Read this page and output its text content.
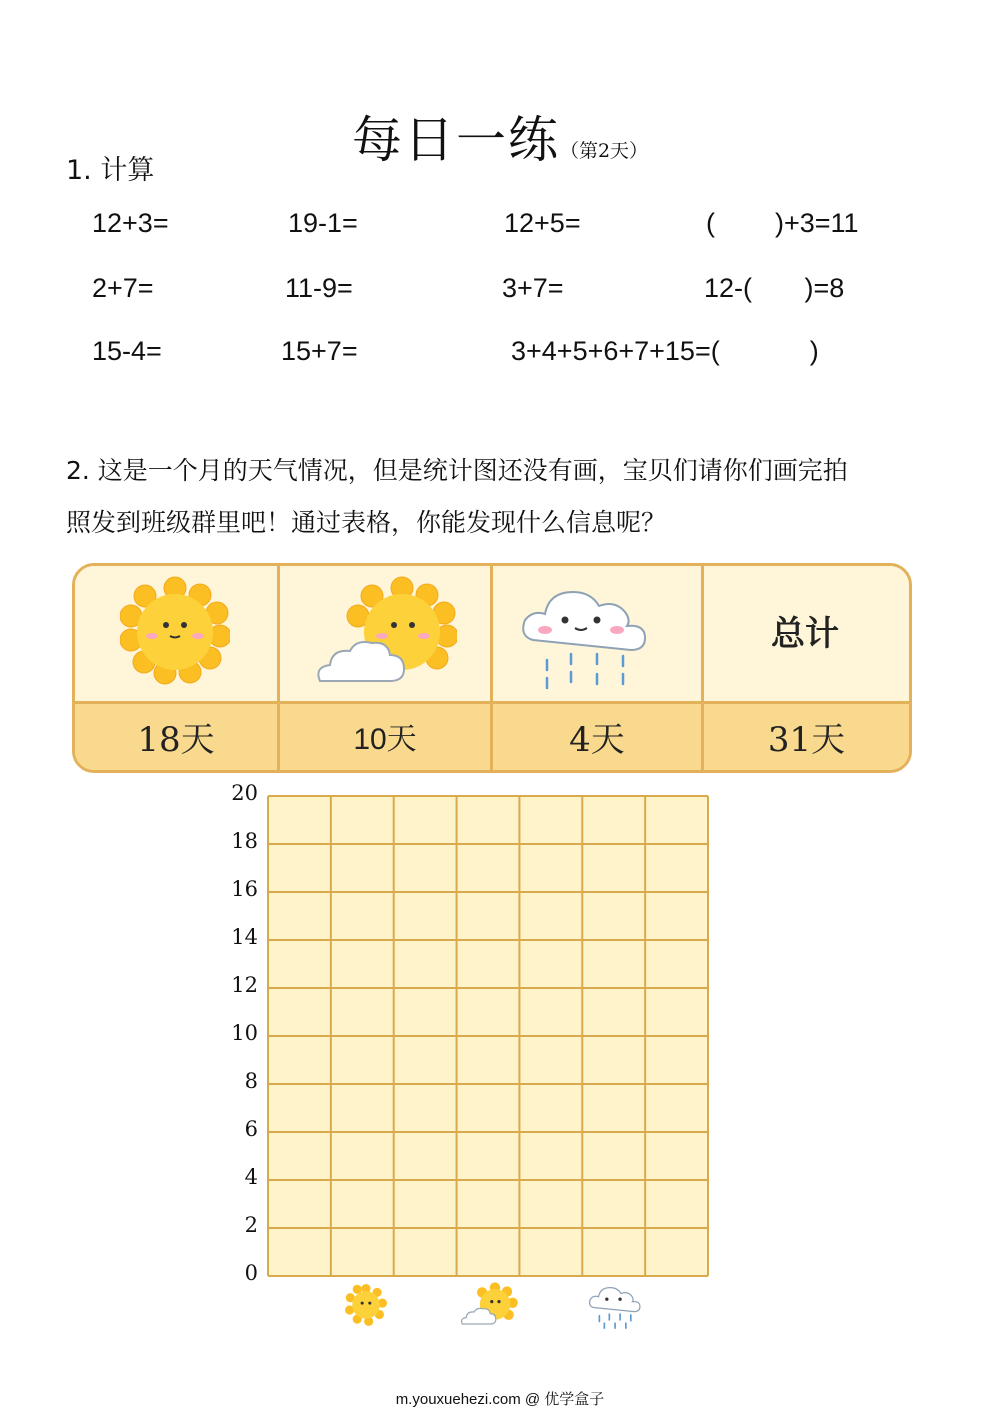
每日一练（第2天）
1. 计算
12+3=	19-1=	12+5=	(        )+3=11
2+7=	11-9=	3+7=	12-(       )=8
15-4=	15+7=	3+4+5+6+7+15=(            )
2. 这是一个月的天气情况，但是统计图还没有画，宝贝们请你们画完拍
照发到班级群里吧！通过表格，你能发现什么信息呢？
总计
18天	10天	4天	31天
0
2
4
6
8
10
12
14
16
18
20
m.youxuehezi.com @ 优学盒子
